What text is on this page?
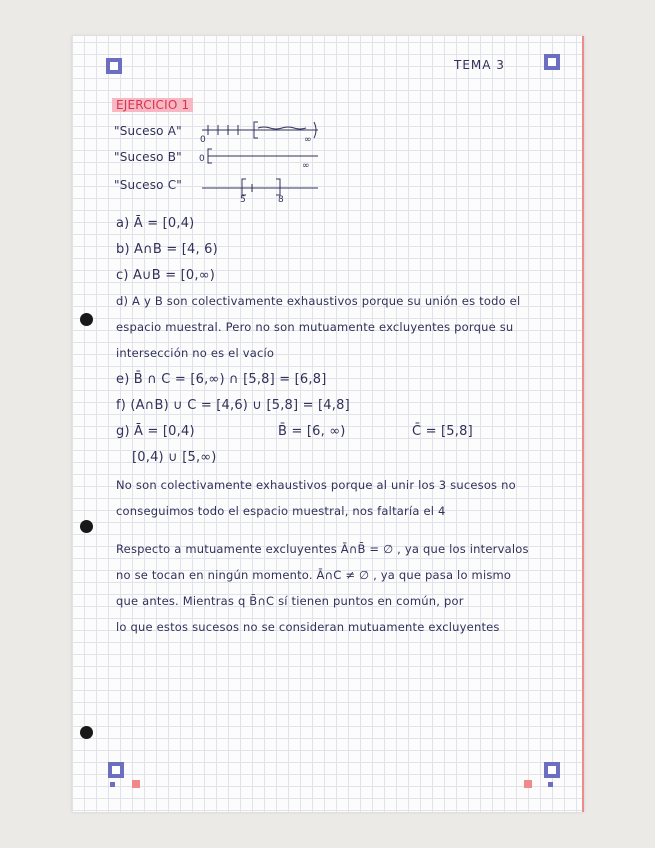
TEMA 3
EJERCICIO 1
"Suceso A"
"Suceso B"
"Suceso C"
0	∞
0
∞
5	8
a) Ā = [0,4)
b) A∩B = [4, 6)
c) A∪B = [0,∞)
d) A y B son colectivamente exhaustivos porque su unión es todo el
espacio muestral. Pero no son mutuamente excluyentes porque su
intersección no es el vacío
e) B̄ ∩ C = [6,∞) ∩ [5,8] = [6,8]
f) (A∩B) ∪ C = [4,6) ∪ [5,8] = [4,8]
g) Ā = [0,4)	B̄ = [6, ∞)	C̄ = [5,8]
[0,4) ∪ [5,∞)
No son colectivamente exhaustivos porque al unir los 3 sucesos no
conseguimos todo el espacio muestral, nos faltaría el 4
Respecto a mutuamente excluyentes Ā∩B̄ = ∅ , ya que los intervalos
no se tocan en ningún momento. Ā∩C ≠ ∅ , ya que pasa lo mismo
que antes. Mientras q B̄∩C sí tienen puntos en común, por
lo que estos sucesos no se consideran mutuamente excluyentes
